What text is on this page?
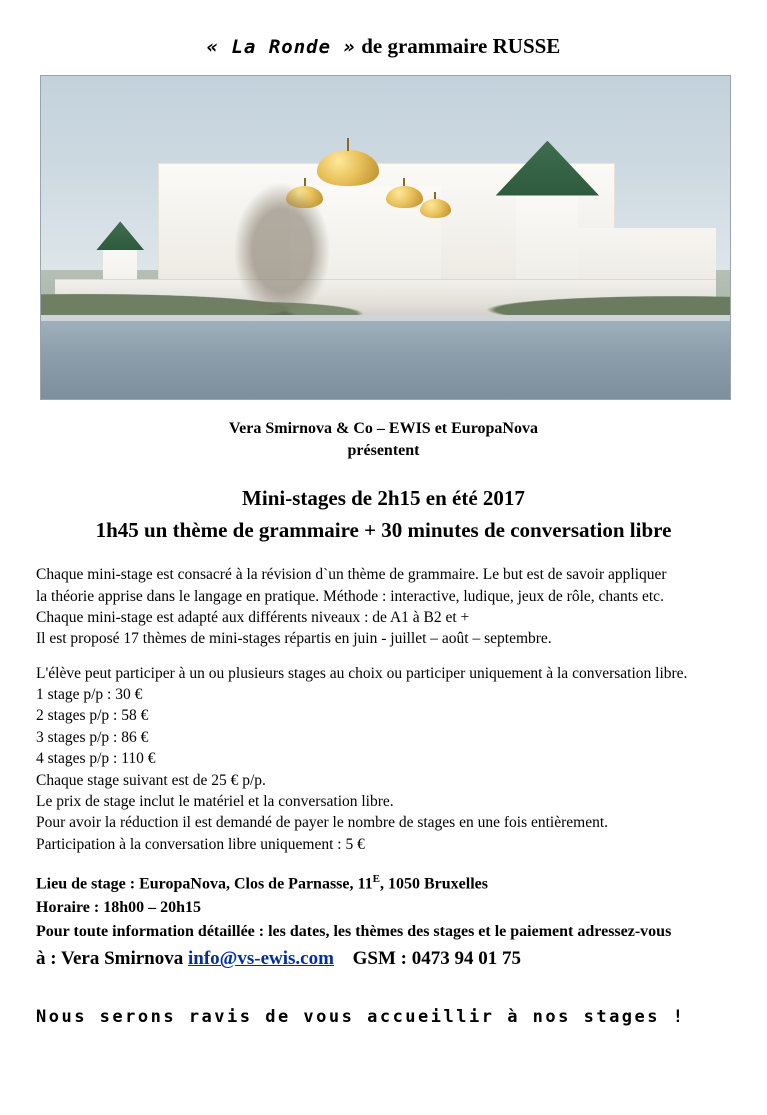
« La Ronde » de grammaire RUSSE
Vera Smirnova & Co – EWIS et EuropaNova
présentent
Mini-stages de 2h15 en été 2017
1h45 un thème de grammaire + 30 minutes de conversation libre

Chaque mini-stage est consacré à la révision d`un thème de grammaire. Le but est de savoir appliquer

la théorie apprise dans le langage en pratique. Méthode : interactive, ludique, jeux de rôle, chants etc.

Chaque mini-stage est adapté aux différents niveaux : de A1 à B2 et +

Il est proposé 17 thèmes de mini-stages répartis en juin - juillet – août – septembre.

L'élève peut participer à un ou plusieurs stages au choix ou participer uniquement à la conversation libre.

1 stage p/p : 30 €

2 stages p/p : 58 €

3 stages p/p : 86 €

4 stages p/p : 110 €

Chaque stage suivant est de 25 € p/p.

Le prix de stage inclut le matériel et la conversation libre.

Pour avoir la réduction il est demandé de payer le nombre de stages en une fois entièrement.

Participation à la conversation libre uniquement : 5 €

Lieu de stage : EuropaNova, Clos de Parnasse, $11^E$, 1050 Bruxelles
Horaire : 18h00 – 20h15
Pour toute information détaillée : les dates, les thèmes des stages et le paiement adressez-vous
à : Vera Smirnova info@vs-ewis.com GSM : 0473 94 01 75
Nous serons ravis de vous accueillir à nos stages !
